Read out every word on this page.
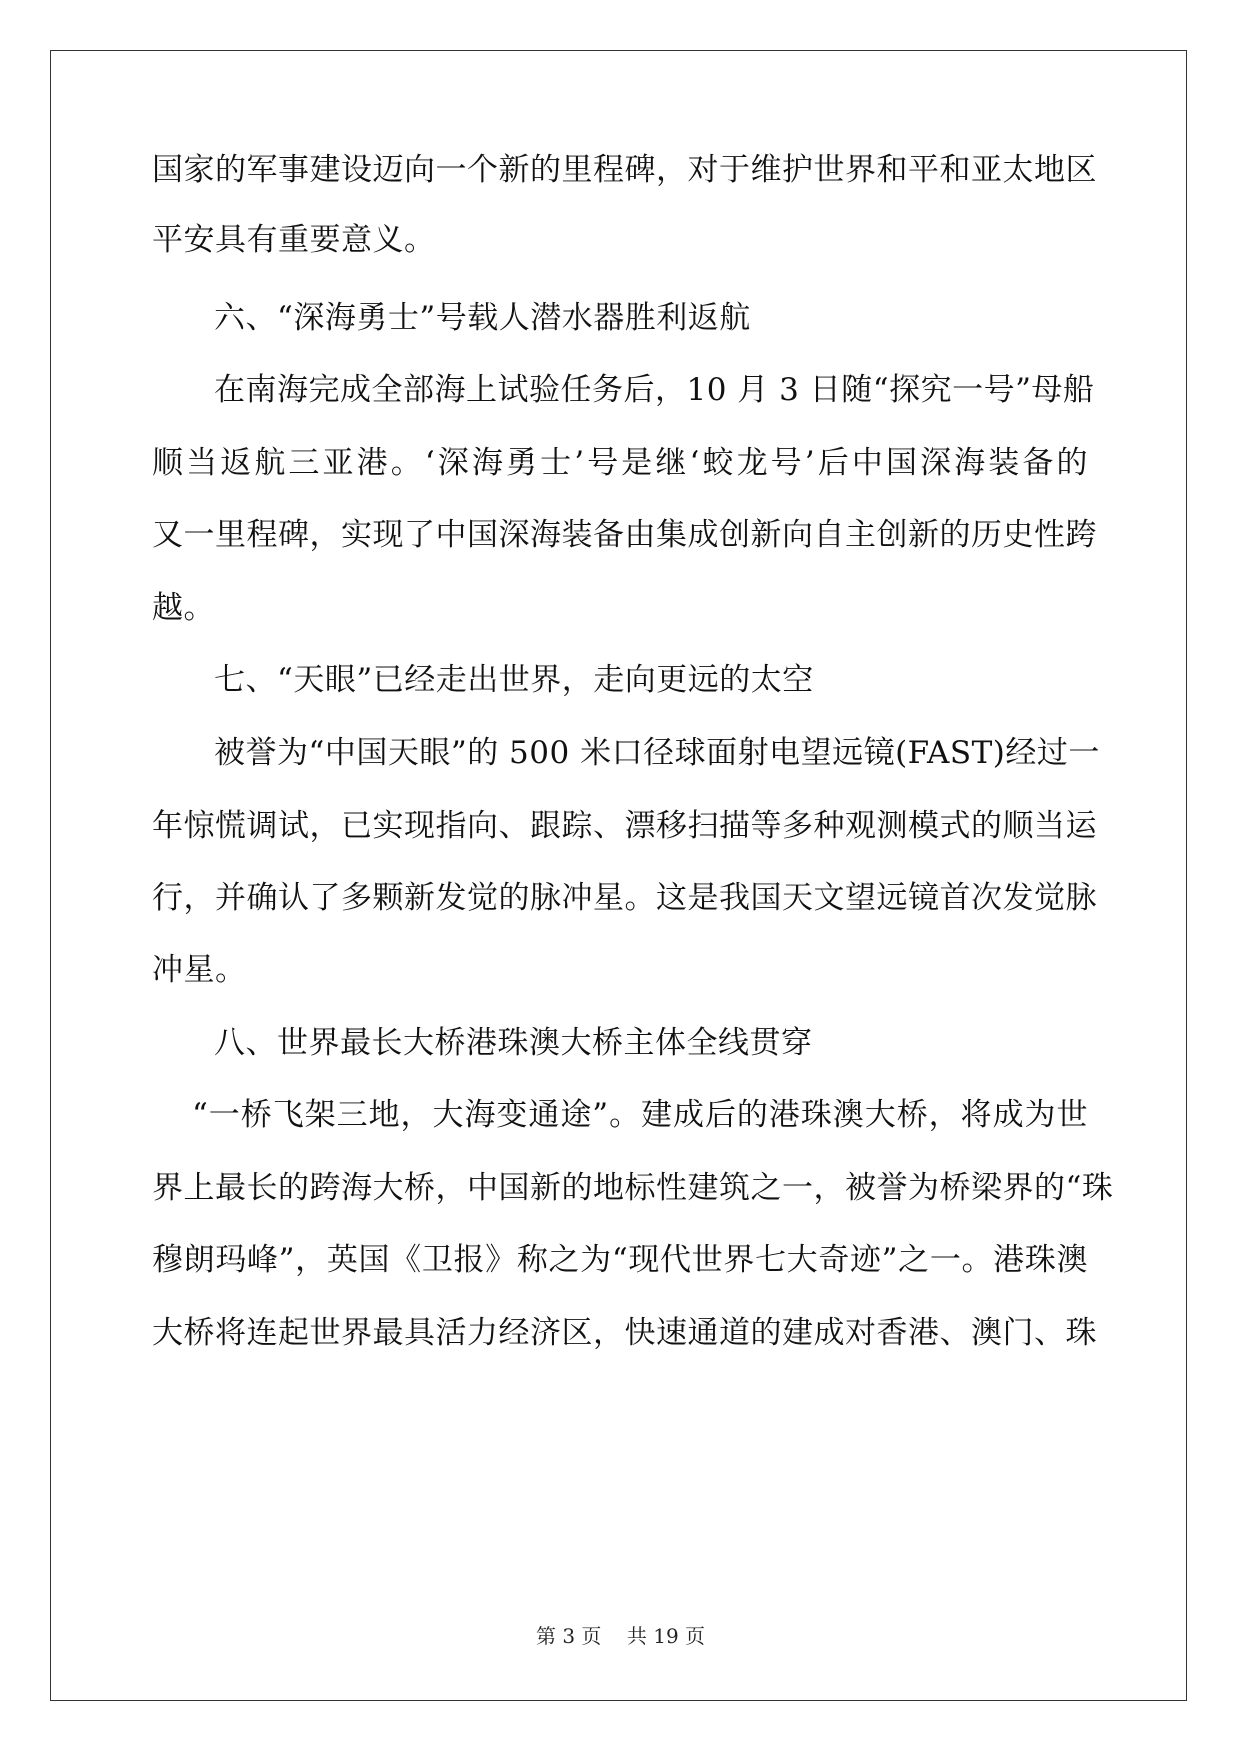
国家的军事建设迈向一个新的里程碑，对于维护世界和平和亚太地区
平安具有重要意义。
六、“深海勇士”号载人潜水器胜利返航
在南海完成全部海上试验任务后，10 月 3 日随“探究一号”母船
顺当返航三亚港。‘深海勇士’号是继‘蛟龙号’后中国深海装备的
又一里程碑，实现了中国深海装备由集成创新向自主创新的历史性跨
越。
七、“天眼”已经走出世界，走向更远的太空
被誉为“中国天眼”的 500 米口径球面射电望远镜(FAST)经过一
年惊慌调试，已实现指向、跟踪、漂移扫描等多种观测模式的顺当运
行，并确认了多颗新发觉的脉冲星。这是我国天文望远镜首次发觉脉
冲星。
八、世界最长大桥港珠澳大桥主体全线贯穿
“一桥飞架三地，大海变通途”。建成后的港珠澳大桥，将成为世
界上最长的跨海大桥，中国新的地标性建筑之一，被誉为桥梁界的“珠
穆朗玛峰”，英国《卫报》称之为“现代世界七大奇迹”之一。港珠澳
大桥将连起世界最具活力经济区，快速通道的建成对香港、澳门、珠
第 3 页 共 19 页
